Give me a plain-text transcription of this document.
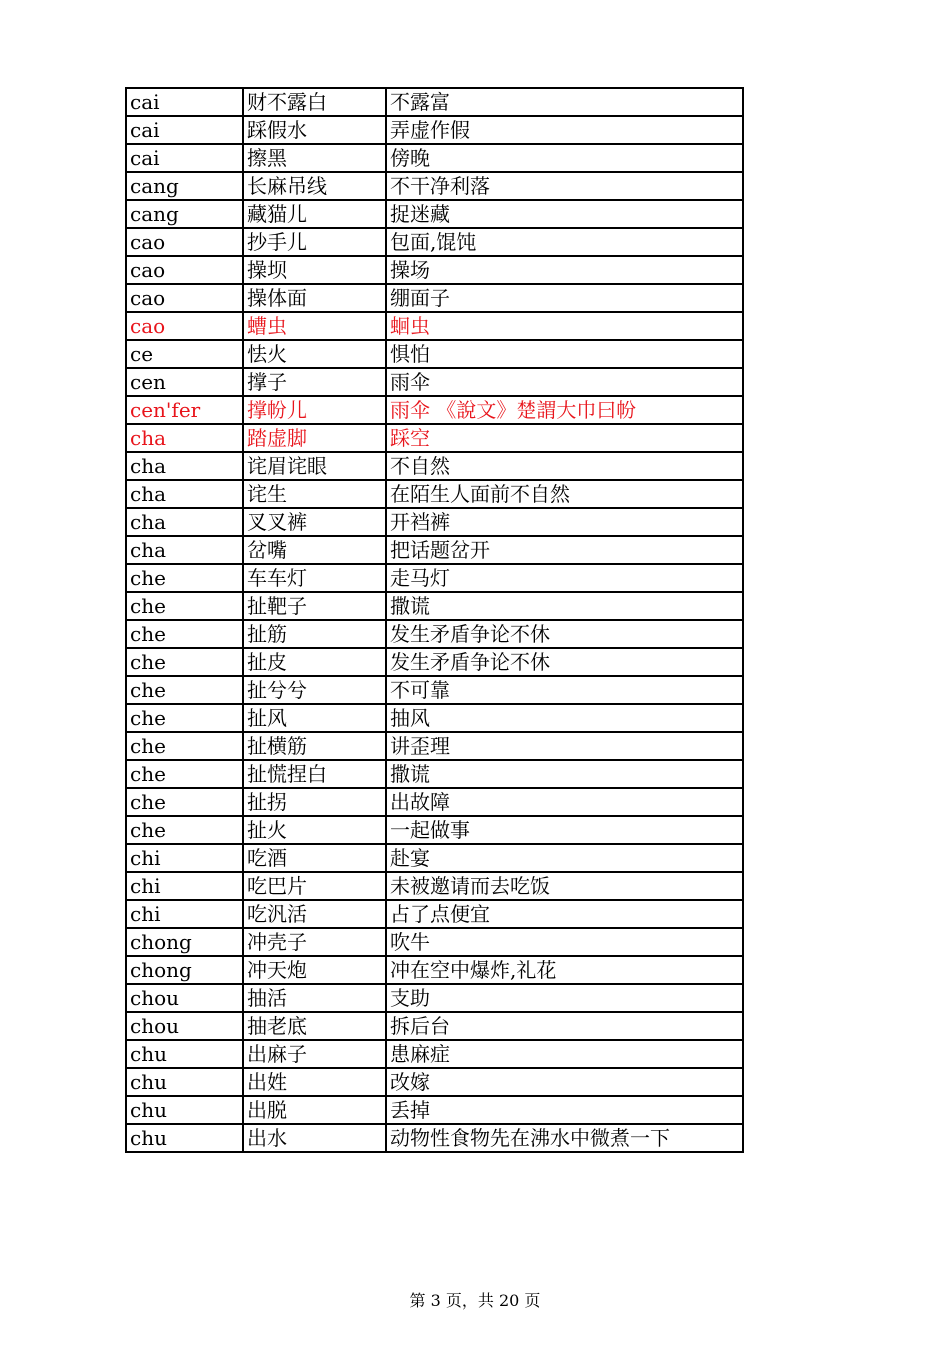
cai	财不露白	不露富
cai	踩假水	弄虚作假
cai	擦黑	傍晚
cang	长麻吊线	不干净利落
cang	藏猫儿	捉迷藏
cao	抄手儿	包面,馄饨
cao	操坝	操场
cao	操体面	绷面子
cao	螬虫	蛔虫
ce	怯火	惧怕
cen	撑子	雨伞
cen'fer	撑帉儿	雨伞 《說文》楚謂大巾曰帉
cha	踏虚脚	踩空
cha	诧眉诧眼	不自然
cha	诧生	在陌生人面前不自然
cha	叉叉裤	开裆裤
cha	岔嘴	把话题岔开
che	车车灯	走马灯
che	扯靶子	撒谎
che	扯筋	发生矛盾争论不休
che	扯皮	发生矛盾争论不休
che	扯兮兮	不可靠
che	扯风	抽风
che	扯横筋	讲歪理
che	扯慌捏白	撒谎
che	扯拐	出故障
che	扯火	一起做事
chi	吃酒	赴宴
chi	吃巴片	未被邀请而去吃饭
chi	吃汎活	占了点便宜
chong	冲壳子	吹牛
chong	冲天炮	冲在空中爆炸,礼花
chou	抽活	支助
chou	抽老底	拆后台
chu	出麻子	患麻症
chu	出姓	改嫁
chu	出脱	丢掉
chu	出水	动物性食物先在沸水中微煮一下
第 3 页，共 20 页
